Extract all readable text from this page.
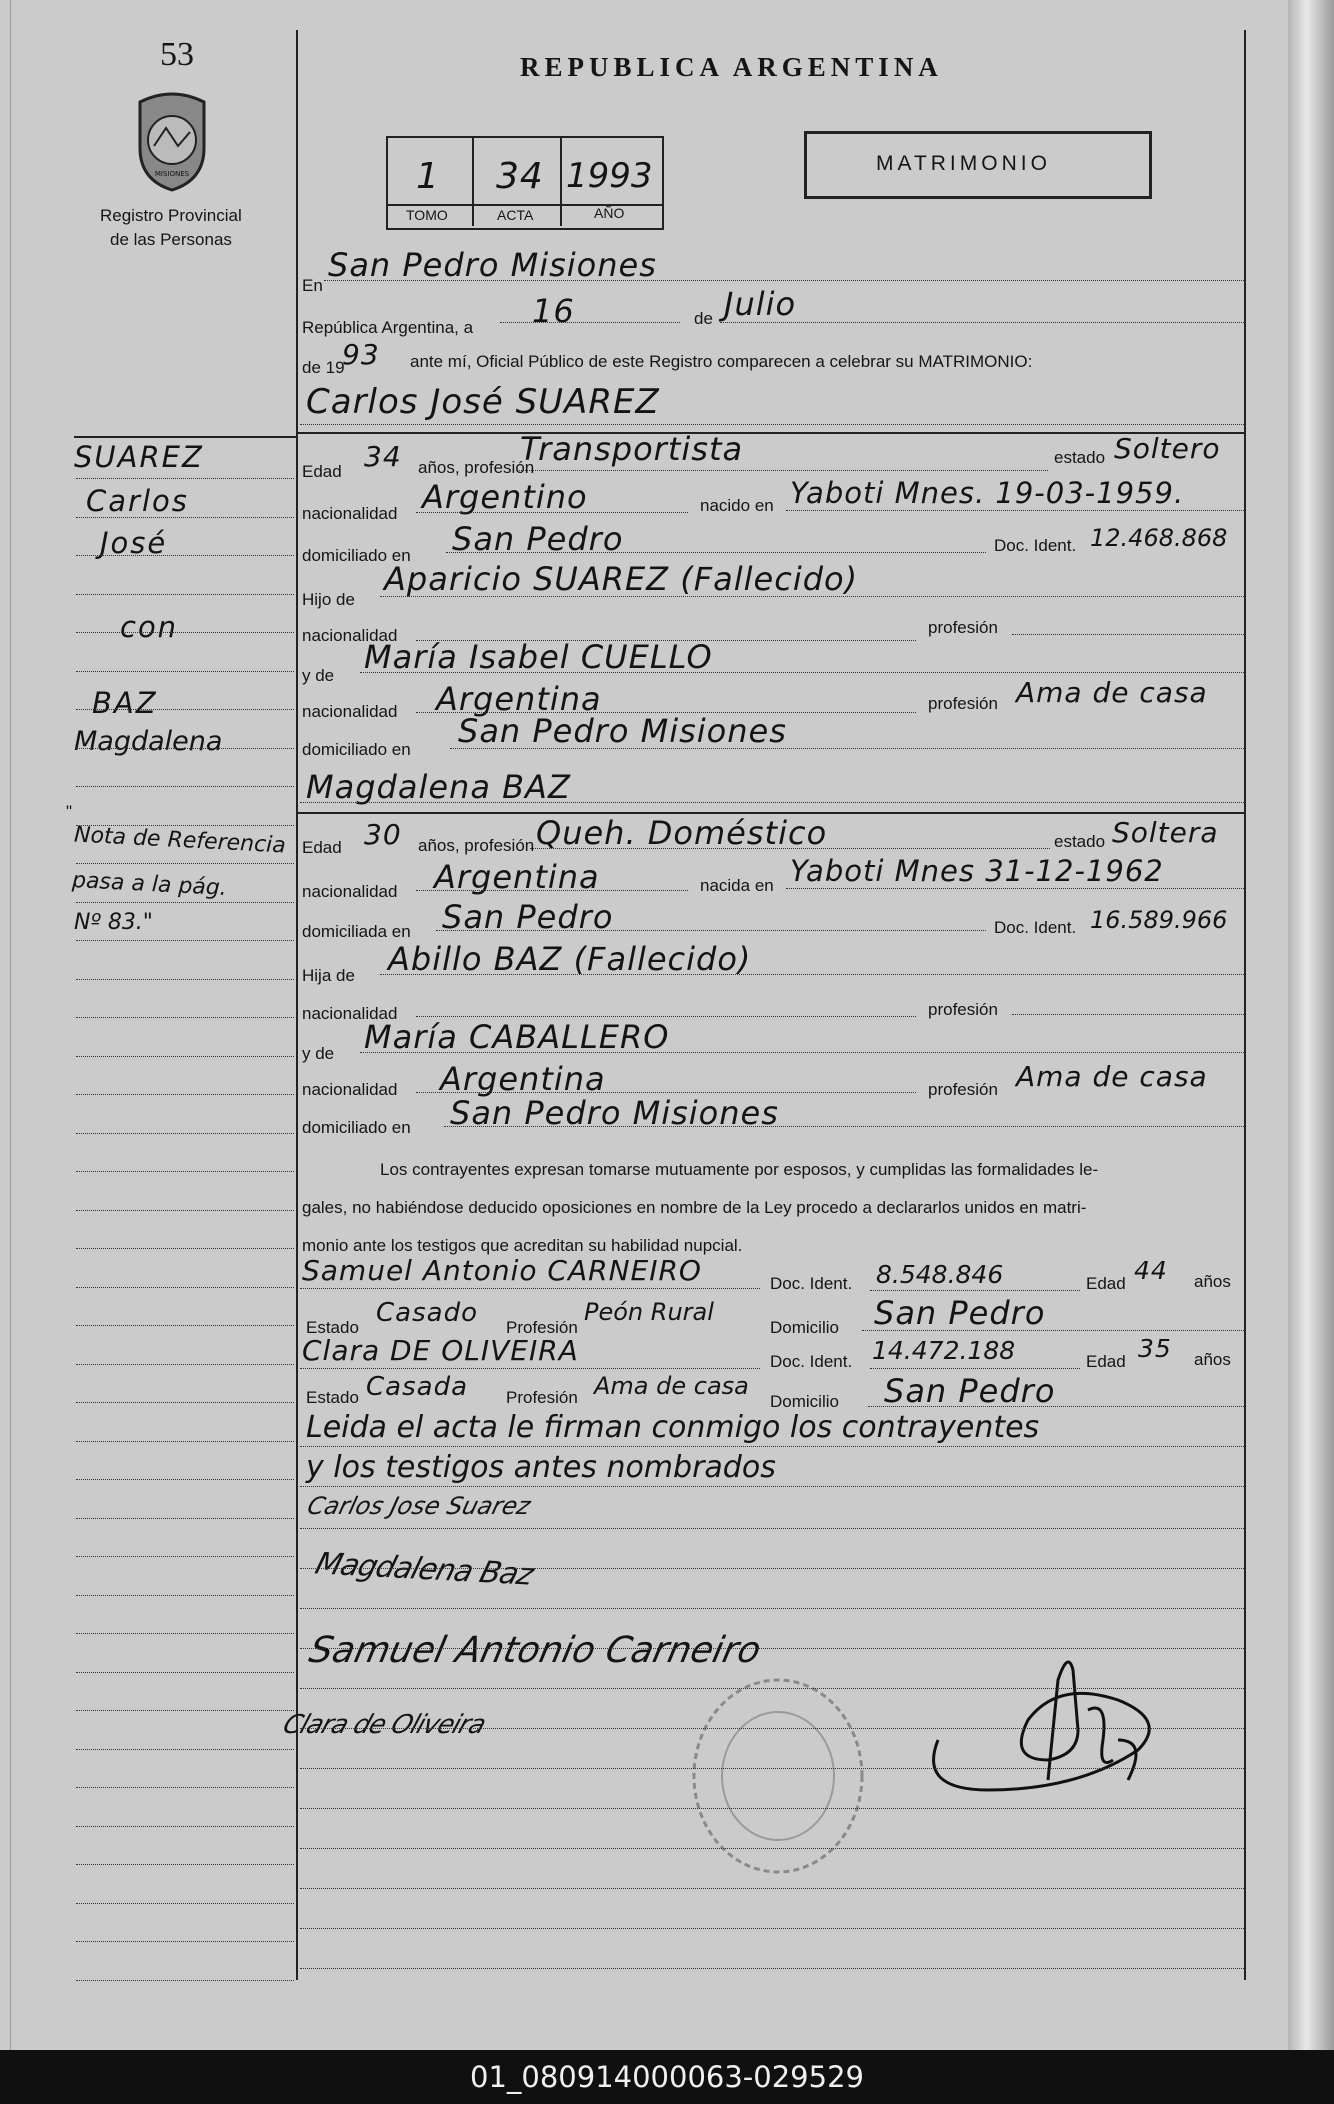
53
MISIONES
Registro Provincial
de las Personas
REPUBLICA ARGENTINA
1 34 1993
TOMO	ACTA	AÑO
MATRIMONIO
En
San Pedro Misiones
República Argentina, a 16	de Julio
de 19
93 ante mí, Oficial Público de este Registro comparecen a celebrar su MATRIMONIO:
Carlos José SUAREZ
Edad 34 años, profesión
Transportista	estado Soltero
nacionalidad Argentino	nacido en Yaboti Mnes. 19-03-1959.
domiciliado en San Pedro	Doc. Ident. 12.468.868
Hijo de
Aparicio SUAREZ (Fallecido)
nacionalidad	profesión
y de María Isabel CUELLO
nacionalidad Argentina	profesión Ama de casa
domiciliado en San Pedro Misiones
Magdalena BAZ
Edad 30 años, profesión Queh. Doméstico	estado Soltera
nacionalidad Argentina	nacida en Yaboti Mnes 31-12-1962
domiciliada en San Pedro	Doc. Ident. 16.589.966
Hija de Abillo BAZ (Fallecido)
nacionalidad	profesión
y de María CABALLERO
nacionalidad Argentina	profesión Ama de casa
domiciliado en San Pedro Misiones
Los contrayentes expresan tomarse mutuamente por esposos, y cumplidas las formalidades le-
gales, no habiéndose deducido oposiciones en nombre de la Ley procedo a declararlos unidos en matri-
monio ante los testigos que acreditan su habilidad nupcial.
Samuel Antonio CARNEIRO	Doc. Ident. 8.548.846	Edad 44 años
Estado Casado Profesión
Peón Rural
Domicilio San Pedro
Clara DE OLIVEIRA	Doc. Ident. 14.472.188	Edad 35 años
Estado Casada Profesión Ama de casa
Domicilio San Pedro
Leida el acta le firman conmigo los contrayentes
y los testigos antes nombrados
Carlos Jose Suarez
Magdalena Baz
Samuel Antonio Carneiro
Clara de Oliveira
SUAREZ
Carlos
José
con
BAZ
Magdalena
"
Nota de Referencia
pasa a la pág.
Nº 83."
01_080914000063-029529
